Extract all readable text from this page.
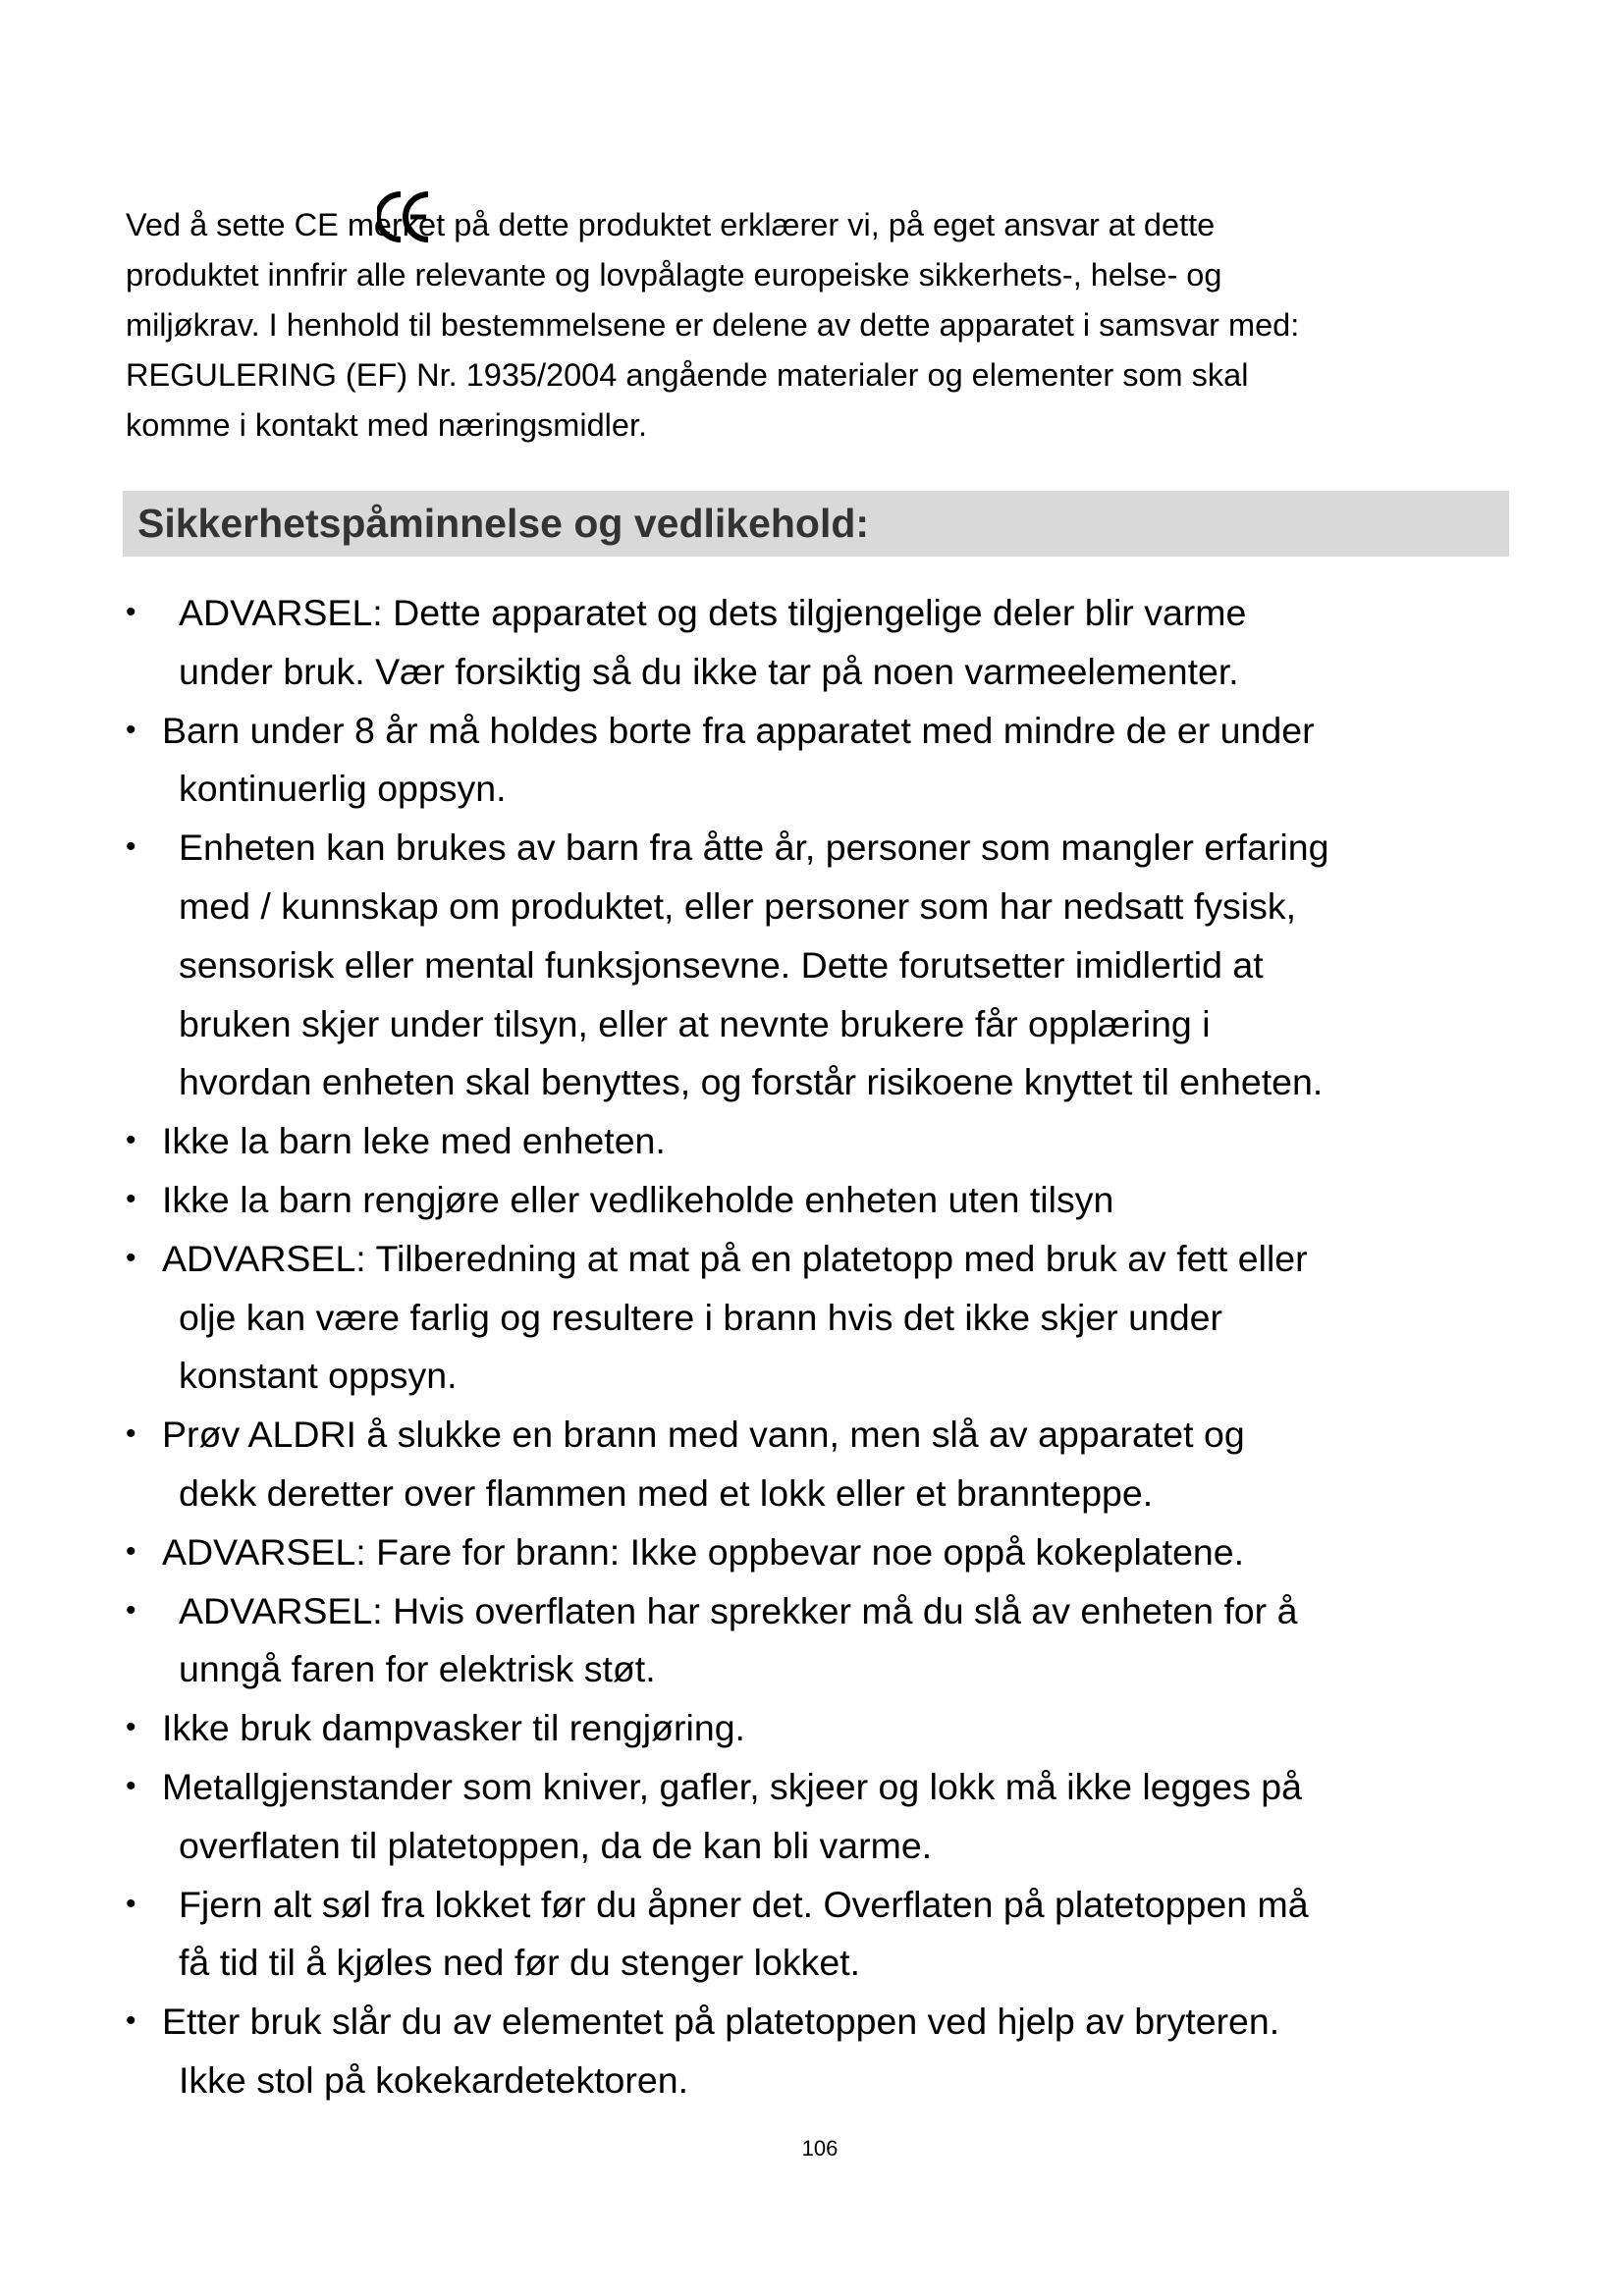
Ved å sette CE merket på dette produktet erklærer vi, på eget ansvar at dette
produktet innfrir alle relevante og lovpålagte europeiske sikkerhets-, helse- og
miljøkrav. I henhold til bestemmelsene er delene av dette apparatet i samsvar med:
REGULERING (EF) Nr. 1935/2004 angående materialer og elementer som skal
komme i kontakt med næringsmidler.
Sikkerhetspåminnelse og vedlikehold:
• ADVARSEL: Dette apparatet og dets tilgjengelige deler blir varme
under bruk. Vær forsiktig så du ikke tar på noen varmeelementer.
• Barn under 8 år må holdes borte fra apparatet med mindre de er under
kontinuerlig oppsyn.
• Enheten kan brukes av barn fra åtte år, personer som mangler erfaring
med / kunnskap om produktet, eller personer som har nedsatt fysisk,
sensorisk eller mental funksjonsevne. Dette forutsetter imidlertid at
bruken skjer under tilsyn, eller at nevnte brukere får opplæring i
hvordan enheten skal benyttes, og forstår risikoene knyttet til enheten.
• Ikke la barn leke med enheten.
• Ikke la barn rengjøre eller vedlikeholde enheten uten tilsyn
• ADVARSEL: Tilberedning at mat på en platetopp med bruk av fett eller
olje kan være farlig og resultere i brann hvis det ikke skjer under
konstant oppsyn.
• Prøv ALDRI å slukke en brann med vann, men slå av apparatet og
dekk deretter over flammen med et lokk eller et brannteppe.
• ADVARSEL: Fare for brann: Ikke oppbevar noe oppå kokeplatene.
• ADVARSEL: Hvis overflaten har sprekker må du slå av enheten for å
unngå faren for elektrisk støt.
• Ikke bruk dampvasker til rengjøring.
• Metallgjenstander som kniver, gafler, skjeer og lokk må ikke legges på
overflaten til platetoppen, da de kan bli varme.
• Fjern alt søl fra lokket før du åpner det. Overflaten på platetoppen må
få tid til å kjøles ned før du stenger lokket.
• Etter bruk slår du av elementet på platetoppen ved hjelp av bryteren.
Ikke stol på kokekardetektoren.
106
